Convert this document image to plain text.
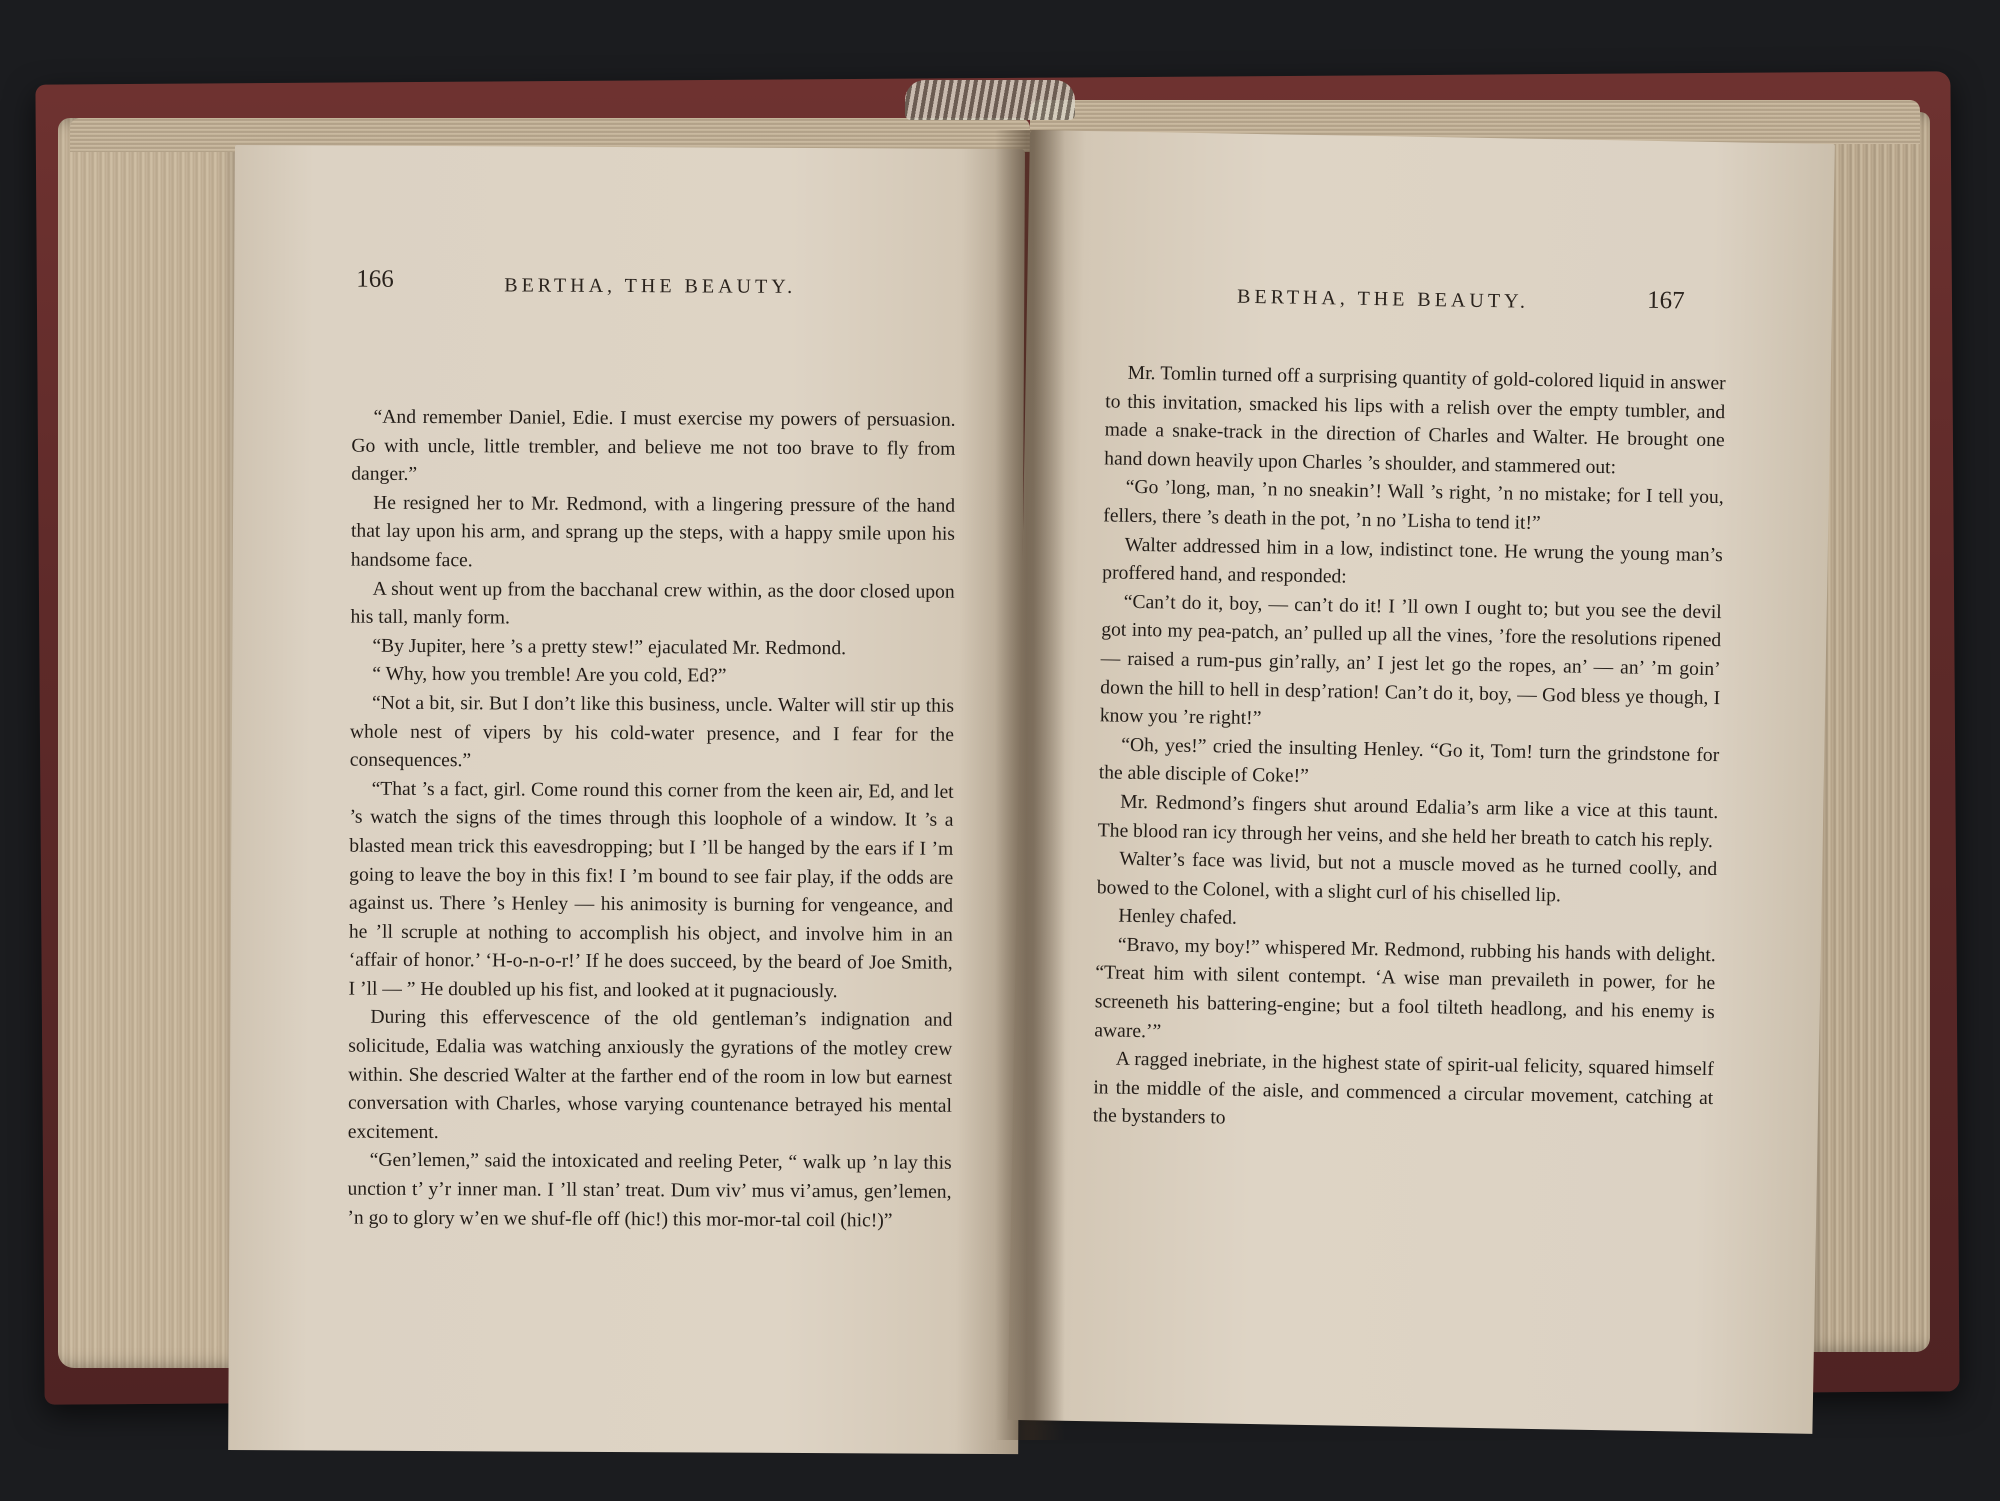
166	BERTHA, THE BEAUTY.

“And remember Daniel, Edie. I must exercise my powers of persuasion. Go with uncle, little trembler, and believe me not too brave to fly from danger.”

He resigned her to Mr. Redmond, with a lingering pressure of the hand that lay upon his arm, and sprang up the steps, with a happy smile upon his handsome face.

A shout went up from the bacchanal crew within, as the door closed upon his tall, manly form.

“By Jupiter, here ’s a pretty stew!” ejaculated Mr. Redmond.

“ Why, how you tremble! Are you cold, Ed?”

“Not a bit, sir. But I don’t like this business, uncle. Walter will stir up this whole nest of vipers by his cold-water presence, and I fear for the consequences.”

“That ’s a fact, girl. Come round this corner from the keen air, Ed, and let ’s watch the signs of the times through this loophole of a window. It ’s a blasted mean trick this eavesdropping; but I ’ll be hanged by the ears if I ’m going to leave the boy in this fix! I ’m bound to see fair play, if the odds are against us. There ’s Henley — his animosity is burning for vengeance, and he ’ll scruple at nothing to accomplish his object, and involve him in an ‘affair of honor.’ ‘H-o-n-o-r!’ If he does succeed, by the beard of Joe Smith, I ’ll — ” He doubled up his fist, and looked at it pugnaciously.

During this effervescence of the old gentleman’s indignation and solicitude, Edalia was watching anxiously the gyrations of the motley crew within. She descried Walter at the farther end of the room in low but earnest conversation with Charles, whose varying countenance betrayed his mental excitement.

“Gen’lemen,” said the intoxicated and reeling Peter, “ walk up ’n lay this unction t’ y’r inner man. I ’ll stan’ treat. Dum viv’ mus vi’amus, gen’lemen, ’n go to glory w’en we shuf-fle off (hic!) this mor-mor-tal coil (hic!)”

BERTHA, THE BEAUTY.	167

Mr. Tomlin turned off a surprising quantity of gold-colored liquid in answer to this invitation, smacked his lips with a relish over the empty tumbler, and made a snake-track in the direction of Charles and Walter. He brought one hand down heavily upon Charles ’s shoulder, and stammered out:

“Go ’long, man, ’n no sneakin’! Wall ’s right, ’n no mistake; for I tell you, fellers, there ’s death in the pot, ’n no ’Lisha to tend it!”

Walter addressed him in a low, indistinct tone. He wrung the young man’s proffered hand, and responded:

“Can’t do it, boy, — can’t do it! I ’ll own I ought to; but you see the devil got into my pea-patch, an’ pulled up all the vines, ’fore the resolutions ripened — raised a rum-pus gin’rally, an’ I jest let go the ropes, an’ — an’ ’m goin’ down the hill to hell in desp’ration! Can’t do it, boy, — God bless ye though, I know you ’re right!”

“Oh, yes!” cried the insulting Henley. “Go it, Tom! turn the grindstone for the able disciple of Coke!”

Mr. Redmond’s fingers shut around Edalia’s arm like a vice at this taunt. The blood ran icy through her veins, and she held her breath to catch his reply.

Walter’s face was livid, but not a muscle moved as he turned coolly, and bowed to the Colonel, with a slight curl of his chiselled lip.

Henley chafed.

“Bravo, my boy!” whispered Mr. Redmond, rubbing his hands with delight. “Treat him with silent contempt. ‘A wise man prevaileth in power, for he screeneth his battering-engine; but a fool tilteth headlong, and his enemy is aware.’”

A ragged inebriate, in the highest state of spirit-ual felicity, squared himself in the middle of the aisle, and commenced a circular movement, catching at the bystanders to
